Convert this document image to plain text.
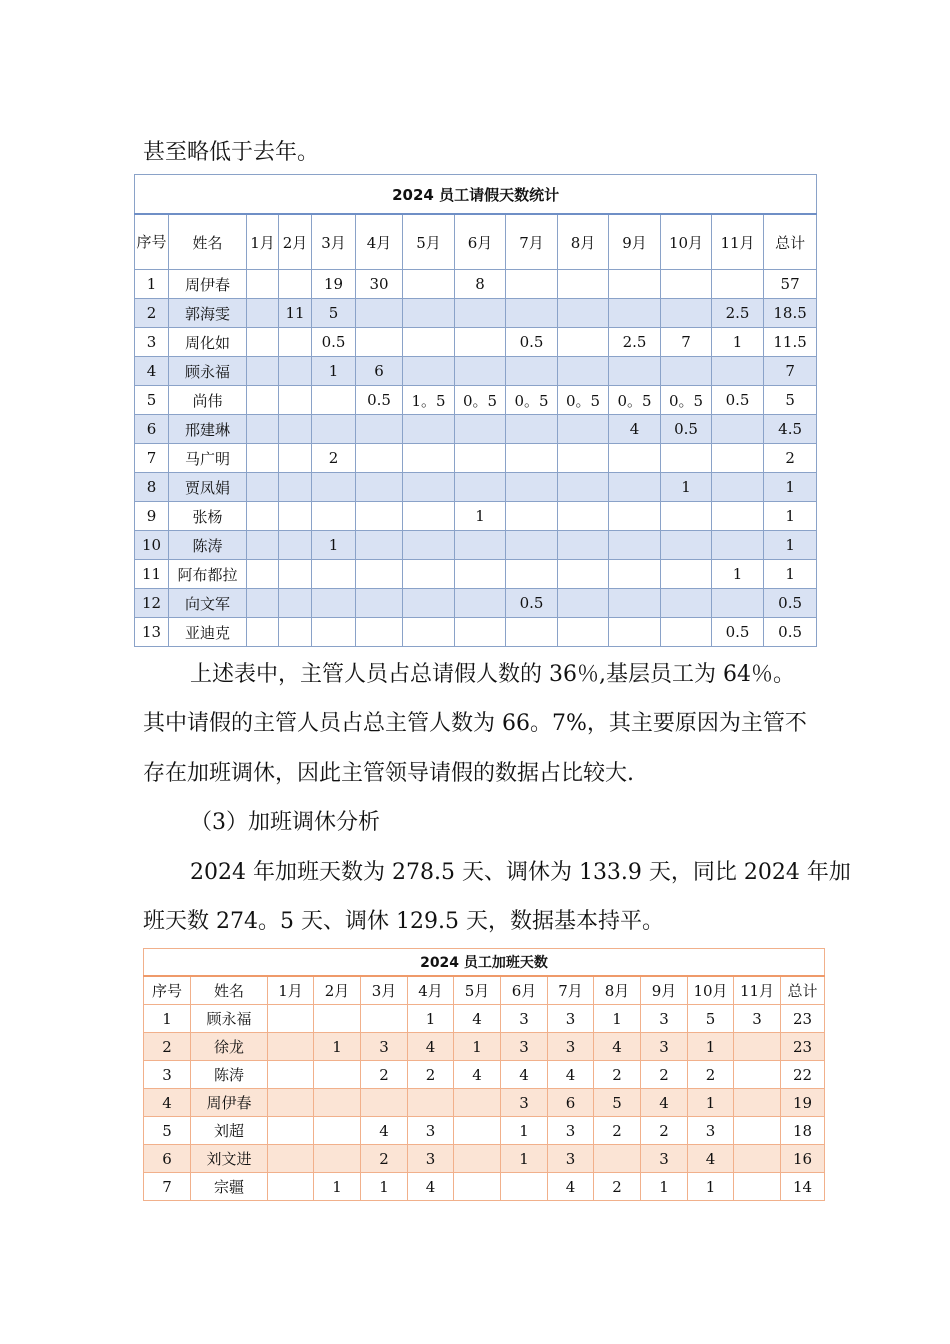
甚至略低于去年。

2024 员工请假天数统计													
序号	姓名	1月	2月	3月	4月	5月	6月	7月	8月	9月	10月	11月	总计
1	周伊春			19	30		8						57
2	郭海雯		11	5								2.5	18.5
3	周化如			0.5				0.5		2.5	7	1	11.5
4	顾永福			1	6								7
5	尚伟				0.5	1。5	0。5	0。5	0。5	0。5	0。5	0.5	5
6	邢建琳									4	0.5		4.5
7	马广明			2									2
8	贾凤娟										1		1
9	张杨						1						1
10	陈涛			1									1
11	阿布都拉											1	1
12	向文军							0.5					0.5
13	亚迪克											0.5	0.5

上述表中，主管人员占总请假人数的 36％,基层员工为 64％。

其中请假的主管人员占总主管人数为 66。7%，其主要原因为主管不

存在加班调休，因此主管领导请假的数据占比较大.

（3）加班调休分析

2024 年加班天数为 278.5 天、调休为 133.9 天，同比 2024 年加

班天数 274。5 天、调休 129.5 天，数据基本持平。

2024 员工加班天数													
序号	姓名	1月	2月	3月	4月	5月	6月	7月	8月	9月	10月	11月	总计
1	顾永福				1	4	3	3	1	3	5	3	23
2	徐龙		1	3	4	1	3	3	4	3	1		23
3	陈涛			2	2	4	4	4	2	2	2		22
4	周伊春						3	6	5	4	1		19
5	刘超			4	3		1	3	2	2	3		18
6	刘文进			2	3		1	3		3	4		16
7	宗疆		1	1	4			4	2	1	1		14
